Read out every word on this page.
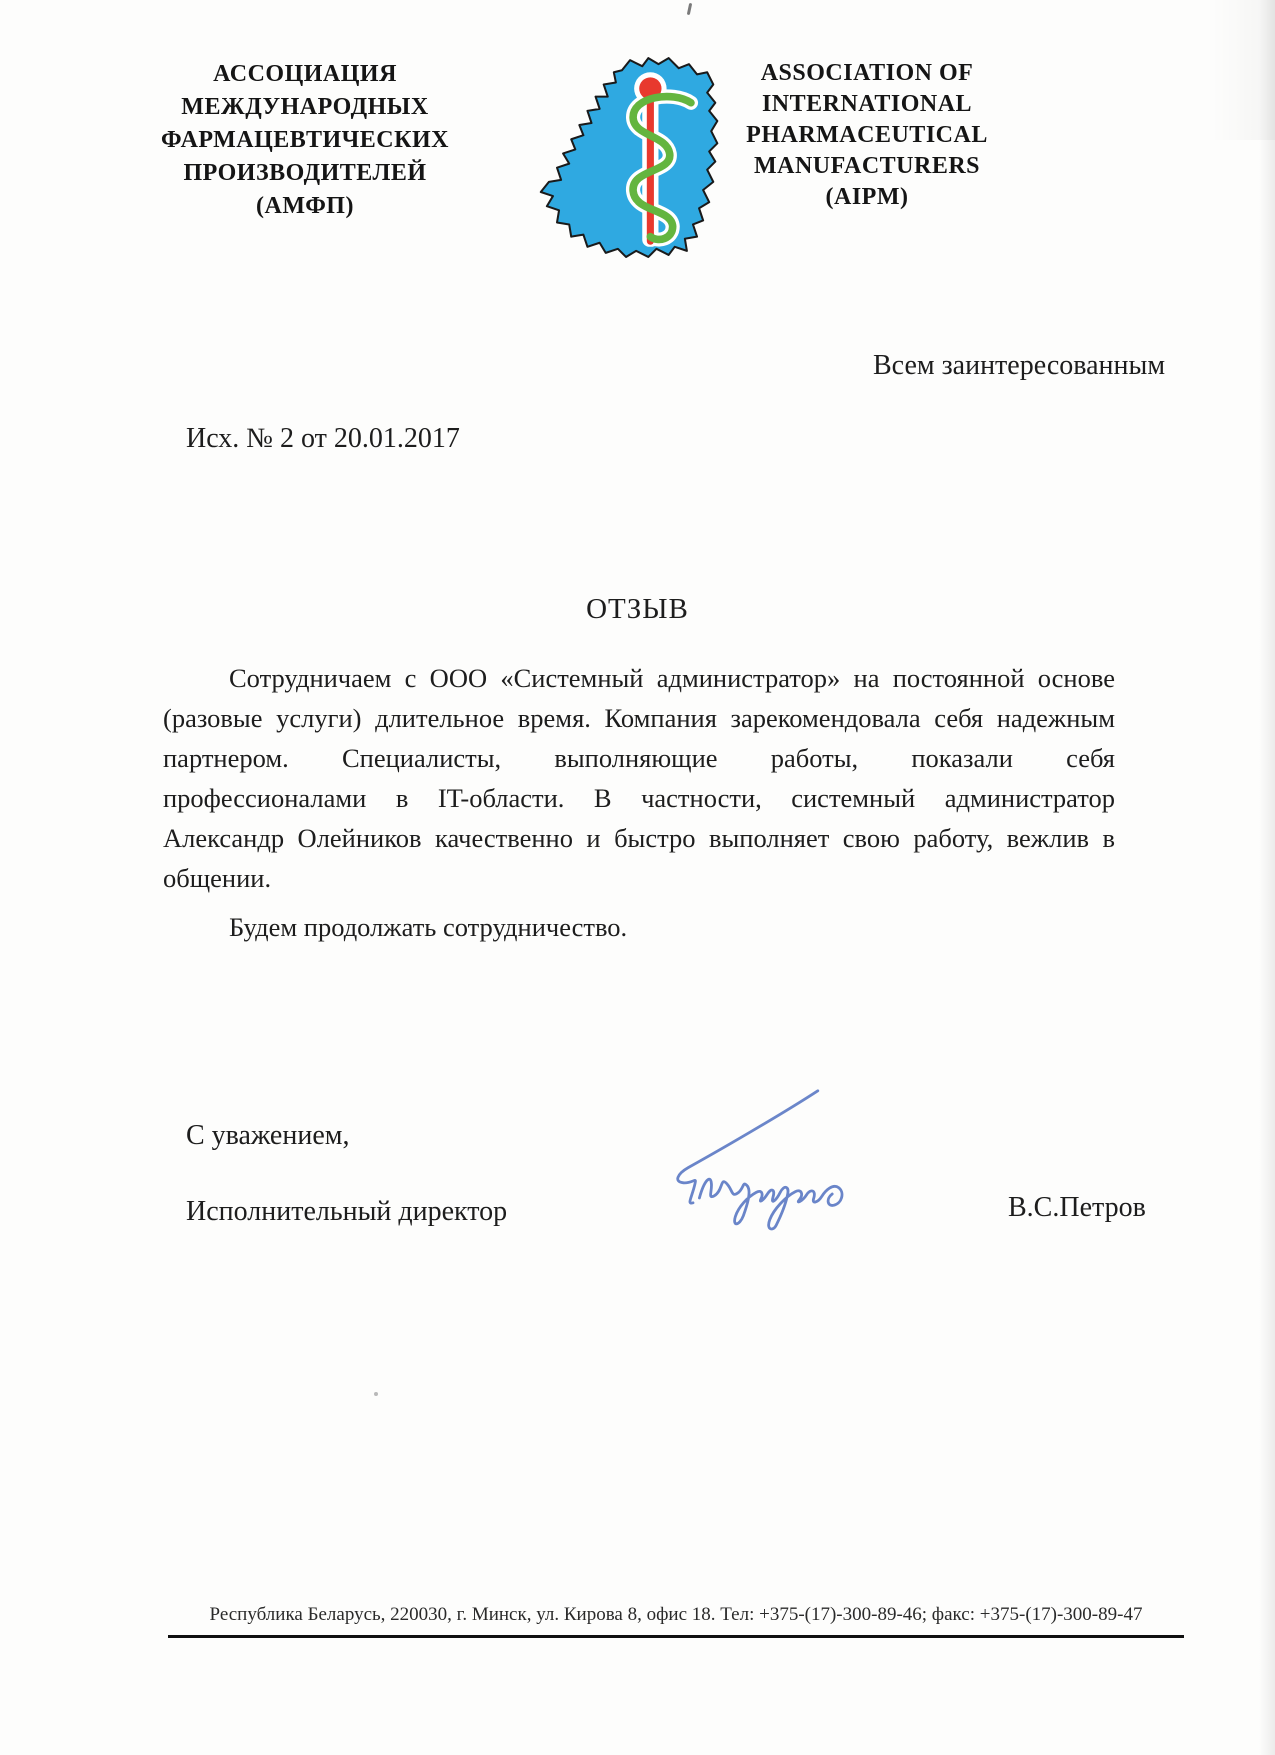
АССОЦИАЦИЯ
МЕЖДУНАРОДНЫХ
ФАРМАЦЕВТИЧЕСКИХ
ПРОИЗВОДИТЕЛЕЙ
(АМФП)
ASSOCIATION OF
INTERNATIONAL
PHARMACEUTICAL
MANUFACTURERS
(AIPM)
Всем заинтересованным
Исх. № 2 от 20.01.2017
ОТЗЫВ
Сотрудничаем с ООО «Системный администратор» на постоянной основе
(разовые услуги) длительное время. Компания зарекомендовала себя надежным
партнером. Специалисты, выполняющие работы, показали себя
профессионалами в IT-области. В частности, системный администратор
Александр Олейников качественно и быстро выполняет свою работу, вежлив в
общении.
Будем продолжать сотрудничество.
С уважением,
Исполнительный директор	В.С.Петров
Республика Беларусь, 220030, г. Минск, ул. Кирова 8, офис 18. Тел: +375-(17)-300-89-46; факс: +375-(17)-300-89-47
